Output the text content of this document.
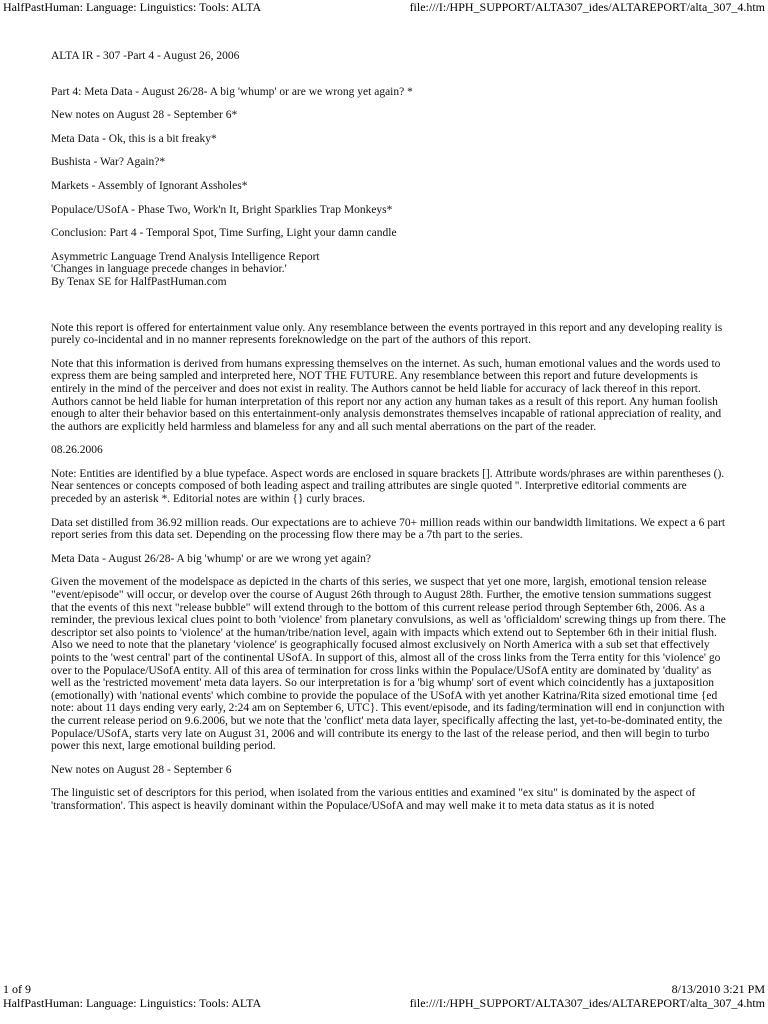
HalfPastHuman: Language: Linguistics: Tools: ALTA	file:///I:/HPH_SUPPORT/ALTA307_ides/ALTAREPORT/alta_307_4.htm

ALTA IR - 307 -Part 4 - August 26, 2006

Part 4: Meta Data - August 26/28- A big 'whump' or are we wrong yet again? *

New notes on August 28 - September 6*

Meta Data - Ok, this is a bit freaky*

Bushista - War? Again?*

Markets - Assembly of Ignorant Assholes*

Populace/USofA - Phase Two, Work'n It, Bright Sparklies Trap Monkeys*

Conclusion: Part 4 - Temporal Spot, Time Surfing, Light your damn candle

Asymmetric Language Trend Analysis Intelligence Report

'Changes in language precede changes in behavior.'

By Tenax SE for HalfPastHuman.com

Note this report is offered for entertainment value only. Any resemblance between the events portrayed in this report and any developing reality is purely co-incidental and in no manner represents foreknowledge on the part of the authors of this report.

Note that this information is derived from humans expressing themselves on the internet. As such, human emotional values and the words used to express them are being sampled and interpreted here, NOT THE FUTURE. Any resemblance between this report and future developments is entirely in the mind of the perceiver and does not exist in reality. The Authors cannot be held liable for accuracy of lack thereof in this report. Authors cannot be held liable for human interpretation of this report nor any action any human takes as a result of this report. Any human foolish enough to alter their behavior based on this entertainment-only analysis demonstrates themselves incapable of rational appreciation of reality, and the authors are explicitly held harmless and blameless for any and all such mental aberrations on the part of the reader.

08.26.2006

Note: Entities are identified by a blue typeface. Aspect words are enclosed in square brackets []. Attribute words/phrases are within parentheses (). Near sentences or concepts composed of both leading aspect and trailing attributes are single quoted ''. Interpretive editorial comments are preceded by an asterisk *. Editorial notes are within {} curly braces.

Data set distilled from 36.92 million reads. Our expectations are to achieve 70+ million reads within our bandwidth limitations. We expect a 6 part report series from this data set. Depending on the processing flow there may be a 7th part to the series.

Meta Data - August 26/28- A big 'whump' or are we wrong yet again?

Given the movement of the modelspace as depicted in the charts of this series, we suspect that yet one more, largish, emotional tension release "event/episode" will occur, or develop over the course of August 26th through to August 28th. Further, the emotive tension summations suggest that the events of this next "release bubble" will extend through to the bottom of this current release period through September 6th, 2006. As a reminder, the previous lexical clues point to both 'violence' from planetary convulsions, as well as 'officialdom' screwing things up from there. The descriptor set also points to 'violence' at the human/tribe/nation level, again with impacts which extend out to September 6th in their initial flush. Also we need to note that the planetary 'violence' is geographically focused almost exclusively on North America with a sub set that effectively points to the 'west central' part of the continental USofA. In support of this, almost all of the cross links from the Terra entity for this 'violence' go over to the Populace/USofA entity. All of this area of termination for cross links within the Populace/USofA entity are dominated by 'duality' as well as the 'restricted movement' meta data layers. So our interpretation is for a 'big whump' sort of event which coincidently has a juxtaposition (emotionally) with 'national events' which combine to provide the populace of the USofA with yet another Katrina/Rita sized emotional time {ed note: about 11 days ending very early, 2:24 am on September 6, UTC}. This event/episode, and its fading/termination will end in conjunction with the current release period on 9.6.2006, but we note that the 'conflict' meta data layer, specifically affecting the last, yet-to-be-dominated entity, the Populace/USofA, starts very late on August 31, 2006 and will contribute its energy to the last of the release period, and then will begin to turbo power this next, large emotional building period.

New notes on August 28 - September 6

The linguistic set of descriptors for this period, when isolated from the various entities and examined "ex situ" is dominated by the aspect of 'transformation'. This aspect is heavily dominant within the Populace/USofA and may well make it to meta data status as it is noted

1 of 9	8/13/2010 3:21 PM
HalfPastHuman: Language: Linguistics: Tools: ALTA	file:///I:/HPH_SUPPORT/ALTA307_ides/ALTAREPORT/alta_307_4.htm
